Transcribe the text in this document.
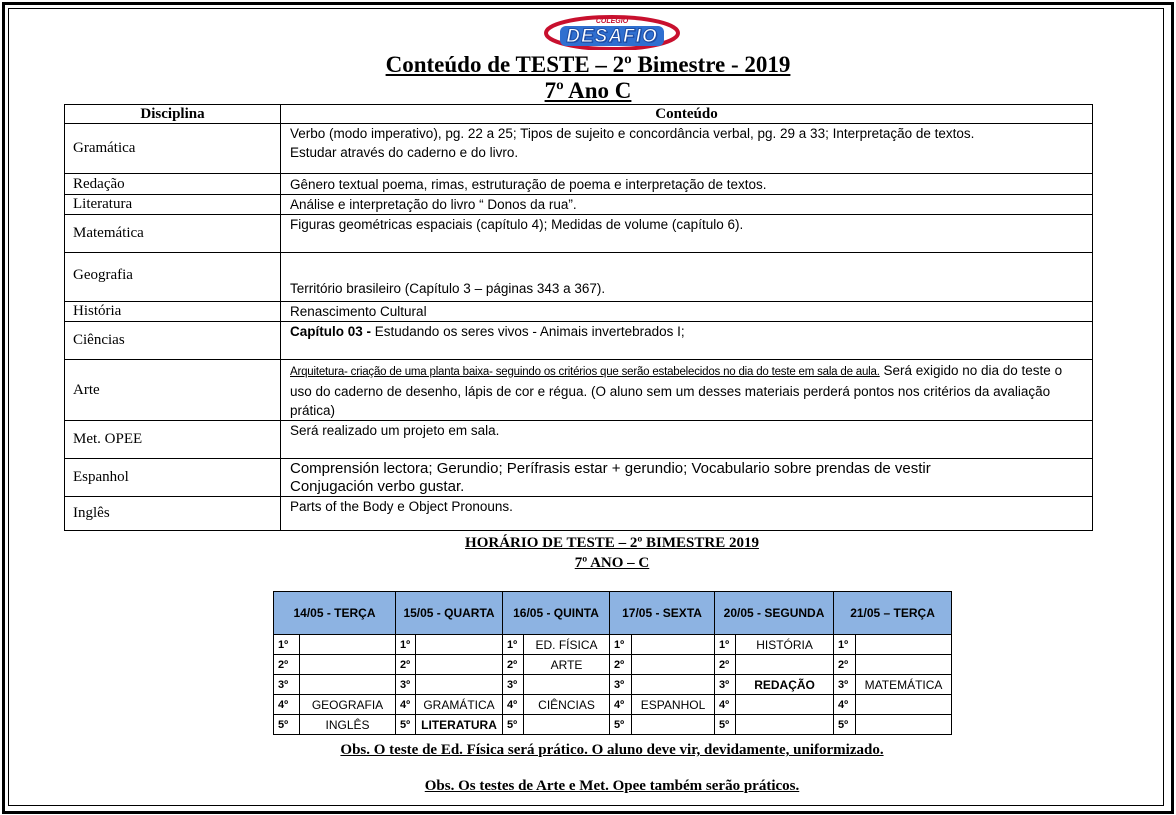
COLÉGIO
DESAFIO
Conteúdo de TESTE – 2º Bimestre - 2019
7º Ano C
Disciplina	Conteúdo
Gramática	Verbo (modo imperativo), pg. 22 a 25; Tipos de sujeito e concordância verbal, pg. 29 a 33; Interpretação de textos.
Estudar através do caderno e do livro.

Redação	Gênero textual poema, rimas, estruturação de poema e interpretação de textos.
Literatura	Análise e interpretação do livro “ Donos da rua”.
Matemática	Figuras geométricas espaciais (capítulo 4); Medidas de volume (capítulo 6).
Geografia	Território brasileiro (Capítulo 3 – páginas 343 a 367).
História	Renascimento Cultural
Ciências	Capítulo 03 - Estudando os seres vivos - Animais invertebrados I;
Arte	Arquitetura- criação de uma planta baixa- seguindo os critérios que serão estabelecidos no dia do teste em sala de aula. Será exigido no dia do teste o uso do caderno de desenho, lápis de cor e régua. (O aluno sem um desses materiais perderá pontos nos critérios da avaliação prática)
Met. OPEE	Será realizado um projeto em sala.
Espanhol	Comprensión lectora; Gerundio; Perífrasis estar + gerundio; Vocabulario sobre prendas de vestir
Conjugación verbo gustar.

Inglês	Parts of the Body e Object Pronouns.
HORÁRIO DE TESTE – 2º BIMESTRE 2019
7º ANO – C
14/05 - TERÇA		15/05 - QUARTA		16/05 - QUINTA		17/05 - SEXTA		20/05 - SEGUNDA		21/05 – TERÇA	
1º		1º		1º	ED. FÍSICA	1º		1º	HISTÓRIA	1º	
2º		2º		2º	ARTE	2º		2º		2º	
3º		3º		3º		3º		3º	REDAÇÃO	3º	MATEMÁTICA
4º	GEOGRAFIA	4º	GRAMÁTICA	4º	CIÊNCIAS	4º	ESPANHOL	4º		4º	
5º	INGLÊS	5º	LITERATURA	5º		5º		5º		5º	
Obs. O teste de Ed. Física será prático. O aluno deve vir, devidamente, uniformizado.
Obs. Os testes de Arte e Met. Opee também serão práticos.
